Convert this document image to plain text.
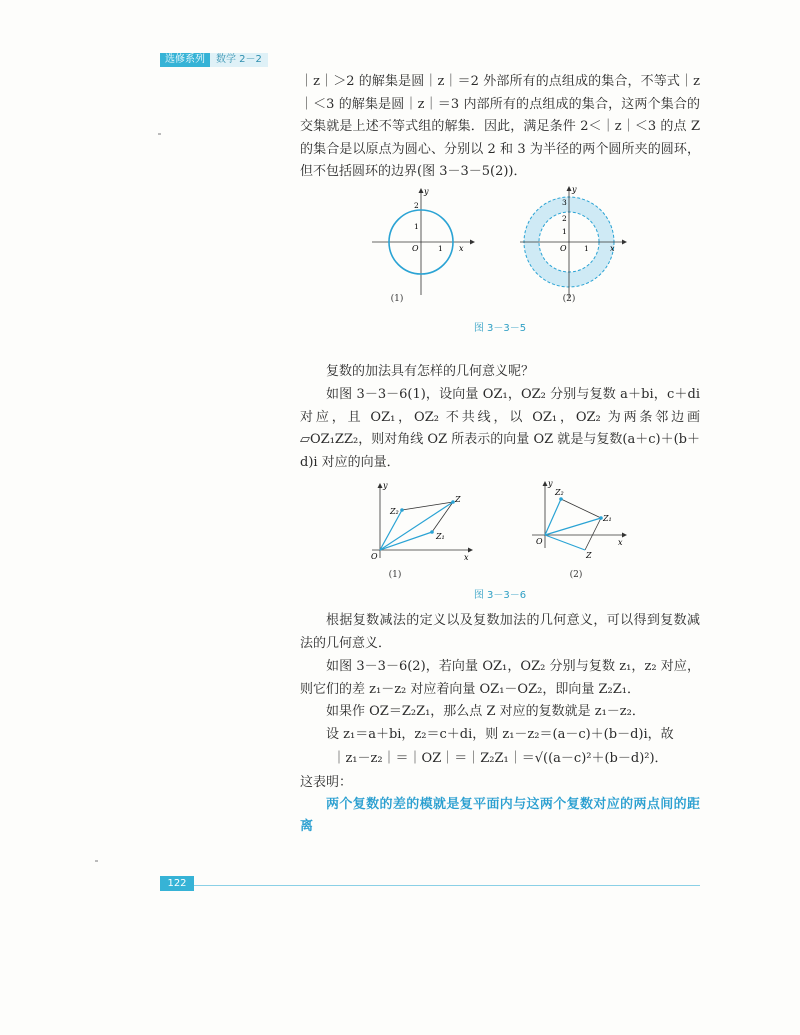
选修系列	数学 2－2
｜z｜＞2 的解集是圆｜z｜＝2 外部所有的点组成的集合，不等式｜z｜＜3 的解集是圆｜z｜＝3 内部所有的点组成的集合，这两个集合的交集就是上述不等式组的解集．因此，满足条件 2＜｜z｜＜3 的点 Z 的集合是以原点为圆心、分别以 2 和 3 为半径的两个圆所夹的圆环，但不包括圆环的边界(图 3－3－5(2))．
y
x
O	1
1
2
y
x
O 1
1
2
3
(1)	(2)
图 3－3－5
复数的加法具有怎样的几何意义呢？
如图 3－3－6(1)，设向量 OZ₁，OZ₂ 分别与复数 a＋bi，c＋di 对应，且 OZ₁，OZ₂ 不共线，以 OZ₁，OZ₂ 为两条邻边画 ▱OZ₁ZZ₂，则对角线 OZ 所表示的向量 OZ 就是与复数(a＋c)＋(b＋d)i 对应的向量．
y
x
O
Z₂
Z₁
Z
y
x
O
Z₂
Z₁
Z
(1)	(2)
图 3－3－6
根据复数减法的定义以及复数加法的几何意义，可以得到复数减法的几何意义．
如图 3－3－6(2)，若向量 OZ₁，OZ₂ 分别与复数 z₁，z₂ 对应，则它们的差 z₁－z₂ 对应着向量 OZ₁－OZ₂，即向量 Z₂Z₁．
如果作 OZ＝Z₂Z₁，那么点 Z 对应的复数就是 z₁－z₂．
设 z₁＝a＋bi，z₂＝c＋di，则 z₁－z₂＝(a－c)＋(b－d)i，故
｜z₁－z₂｜＝｜OZ｜＝｜Z₂Z₁｜＝√((a－c)²＋(b－d)²)．
这表明：
两个复数的差的模就是复平面内与这两个复数对应的两点间的距离
122
